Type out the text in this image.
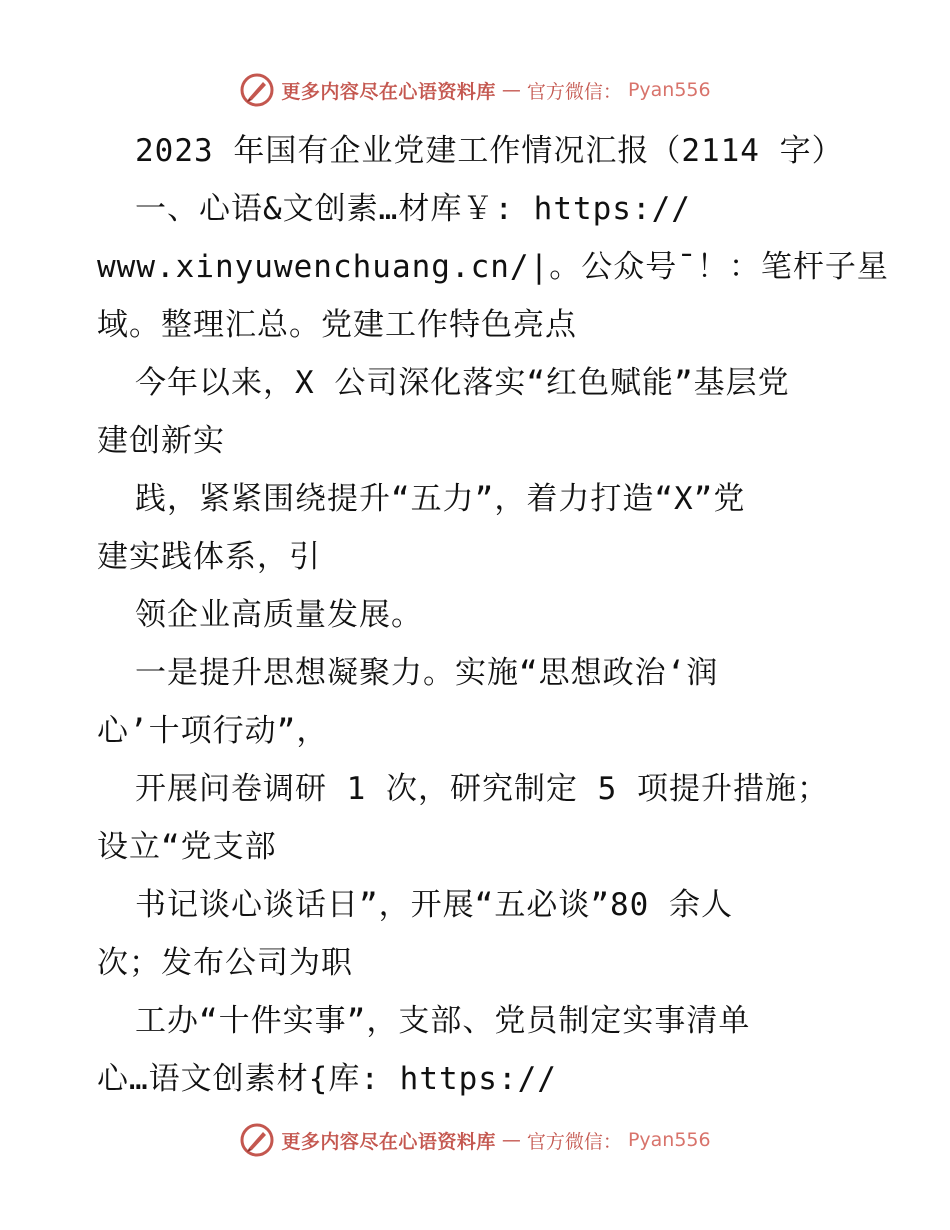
更多内容尽在心语资料库 — 官方微信： Pyan556
2023 年国有企业党建工作情况汇报（2114 字）
一、心语&文创素…材库￥: https://
www.xinyuwenchuang.cn/|。公众号¯！：笔杆子星
域。整理汇总。党建工作特色亮点
今年以来，X 公司深化落实“红色赋能”基层党
建创新实
践，紧紧围绕提升“五力”，着力打造“X”党
建实践体系，引
领企业高质量发展。
一是提升思想凝聚力。实施“思想政治‘润
心’十项行动”，
开展问卷调研 1 次，研究制定 5 项提升措施；
设立“党支部
书记谈心谈话日”，开展“五必谈”80 余人
次；发布公司为职
工办“十件实事”，支部、党员制定实事清单
心…语文创素材{库: https://
更多内容尽在心语资料库 — 官方微信： Pyan556
